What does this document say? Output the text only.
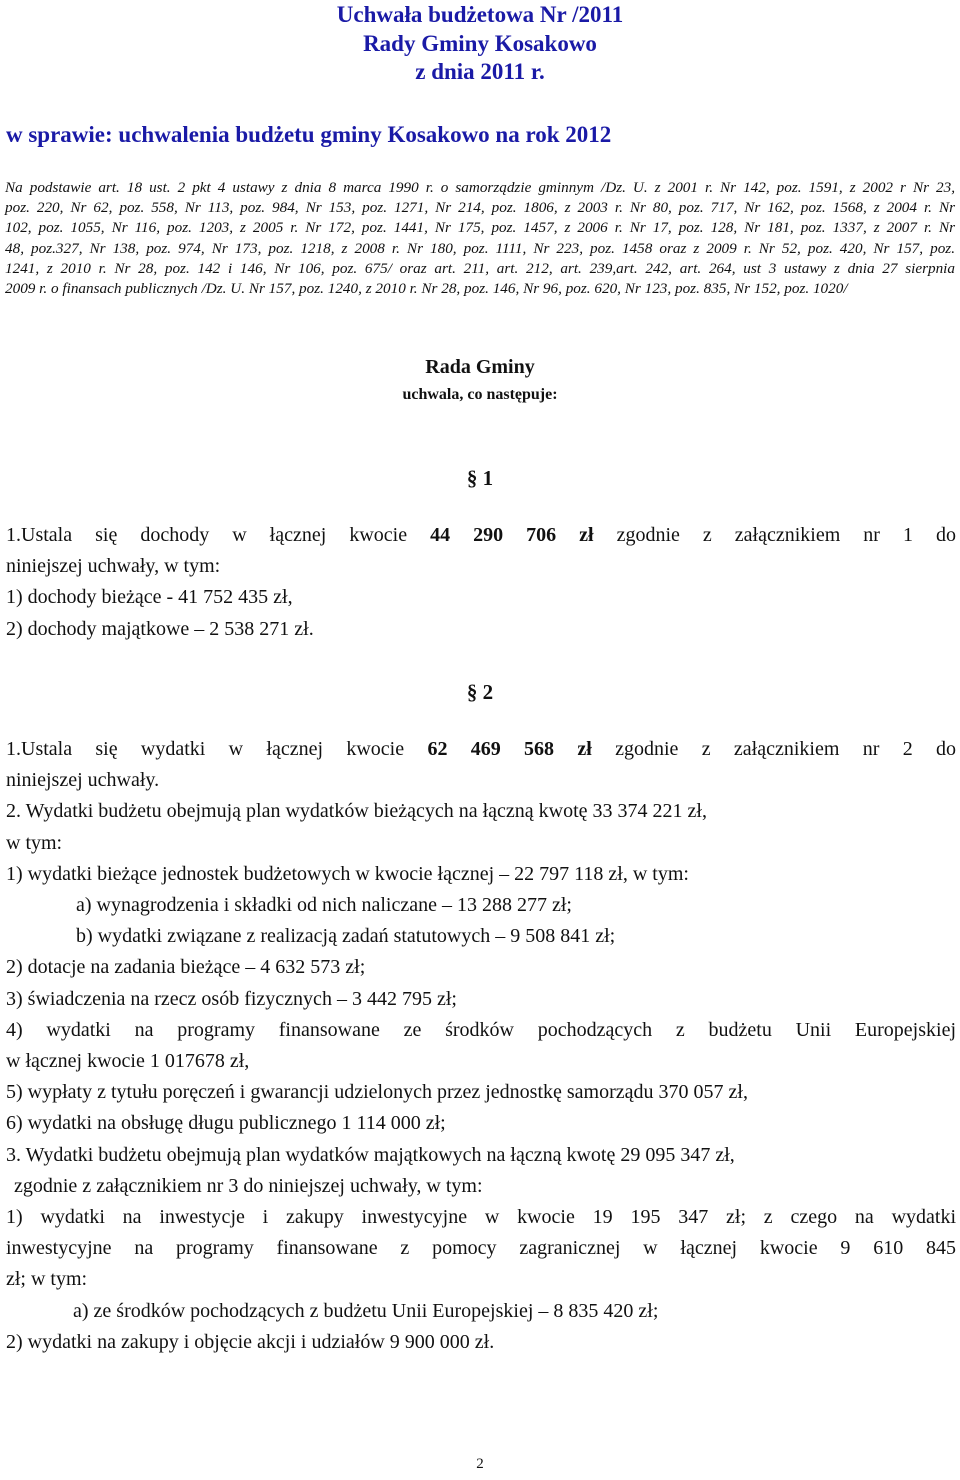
Uchwała budżetowa Nr /2011
Rady Gminy Kosakowo
z dnia 2011 r.
w sprawie: uchwalenia budżetu gminy Kosakowo na rok 2012
Na podstawie art. 18 ust. 2 pkt 4 ustawy z dnia 8 marca 1990 r. o samorządzie gminnym /Dz. U. z 2001 r. Nr 142, poz. 1591, z 2002 r Nr 23,
poz. 220, Nr 62, poz. 558, Nr 113, poz. 984, Nr 153, poz. 1271, Nr 214, poz. 1806, z 2003 r. Nr 80, poz. 717, Nr 162, poz. 1568, z 2004 r. Nr
102, poz. 1055, Nr 116, poz. 1203, z 2005 r. Nr 172, poz. 1441, Nr 175, poz. 1457, z 2006 r. Nr 17, poz. 128, Nr 181, poz. 1337, z 2007 r. Nr
48, poz.327, Nr 138, poz. 974, Nr 173, poz. 1218, z 2008 r. Nr 180, poz. 1111, Nr 223, poz. 1458 oraz z 2009 r. Nr 52, poz. 420, Nr 157, poz.
1241, z 2010 r. Nr 28, poz. 142 i 146, Nr 106, poz. 675/ oraz art. 211, art. 212, art. 239,art. 242, art. 264, ust 3 ustawy z dnia 27 sierpnia
2009 r. o finansach publicznych /Dz. U. Nr 157, poz. 1240, z 2010 r. Nr 28, poz. 146, Nr 96, poz. 620, Nr 123, poz. 835, Nr 152, poz. 1020/
Rada Gminy
uchwala, co następuje:
§ 1
1.Ustala się dochody w łącznej kwocie 44 290 706 zł zgodnie z załącznikiem nr 1 do
niniejszej uchwały, w tym:
1) dochody bieżące - 41 752 435 zł,
2) dochody majątkowe – 2 538 271 zł.
§ 2
1.Ustala się wydatki w łącznej kwocie 62 469 568 zł zgodnie z załącznikiem nr 2 do
niniejszej uchwały.
2. Wydatki budżetu obejmują plan wydatków bieżących na łączną kwotę 33 374 221 zł,
w tym:
1) wydatki bieżące jednostek budżetowych w kwocie łącznej – 22 797 118 zł, w tym:
a) wynagrodzenia i składki od nich naliczane – 13 288 277 zł;
b) wydatki związane z realizacją zadań statutowych – 9 508 841 zł;
2) dotacje na zadania bieżące – 4 632 573 zł;
3) świadczenia na rzecz osób fizycznych – 3 442 795 zł;
4) wydatki na programy finansowane ze środków pochodzących z budżetu Unii Europejskiej
w łącznej kwocie 1 017678 zł,
5) wypłaty z tytułu poręczeń i gwarancji udzielonych przez jednostkę samorządu 370 057 zł,
6) wydatki na obsługę długu publicznego 1 114 000 zł;
3. Wydatki budżetu obejmują plan wydatków majątkowych na łączną kwotę 29 095 347 zł,
zgodnie z załącznikiem nr 3 do niniejszej uchwały, w tym:
1) wydatki na inwestycje i zakupy inwestycyjne w kwocie 19 195 347 zł; z czego na wydatki
inwestycyjne na programy finansowane z pomocy zagranicznej w łącznej kwocie 9 610 845
zł; w tym:
a) ze środków pochodzących z budżetu Unii Europejskiej – 8 835 420 zł;
2) wydatki na zakupy i objęcie akcji i udziałów 9 900 000 zł.
2
